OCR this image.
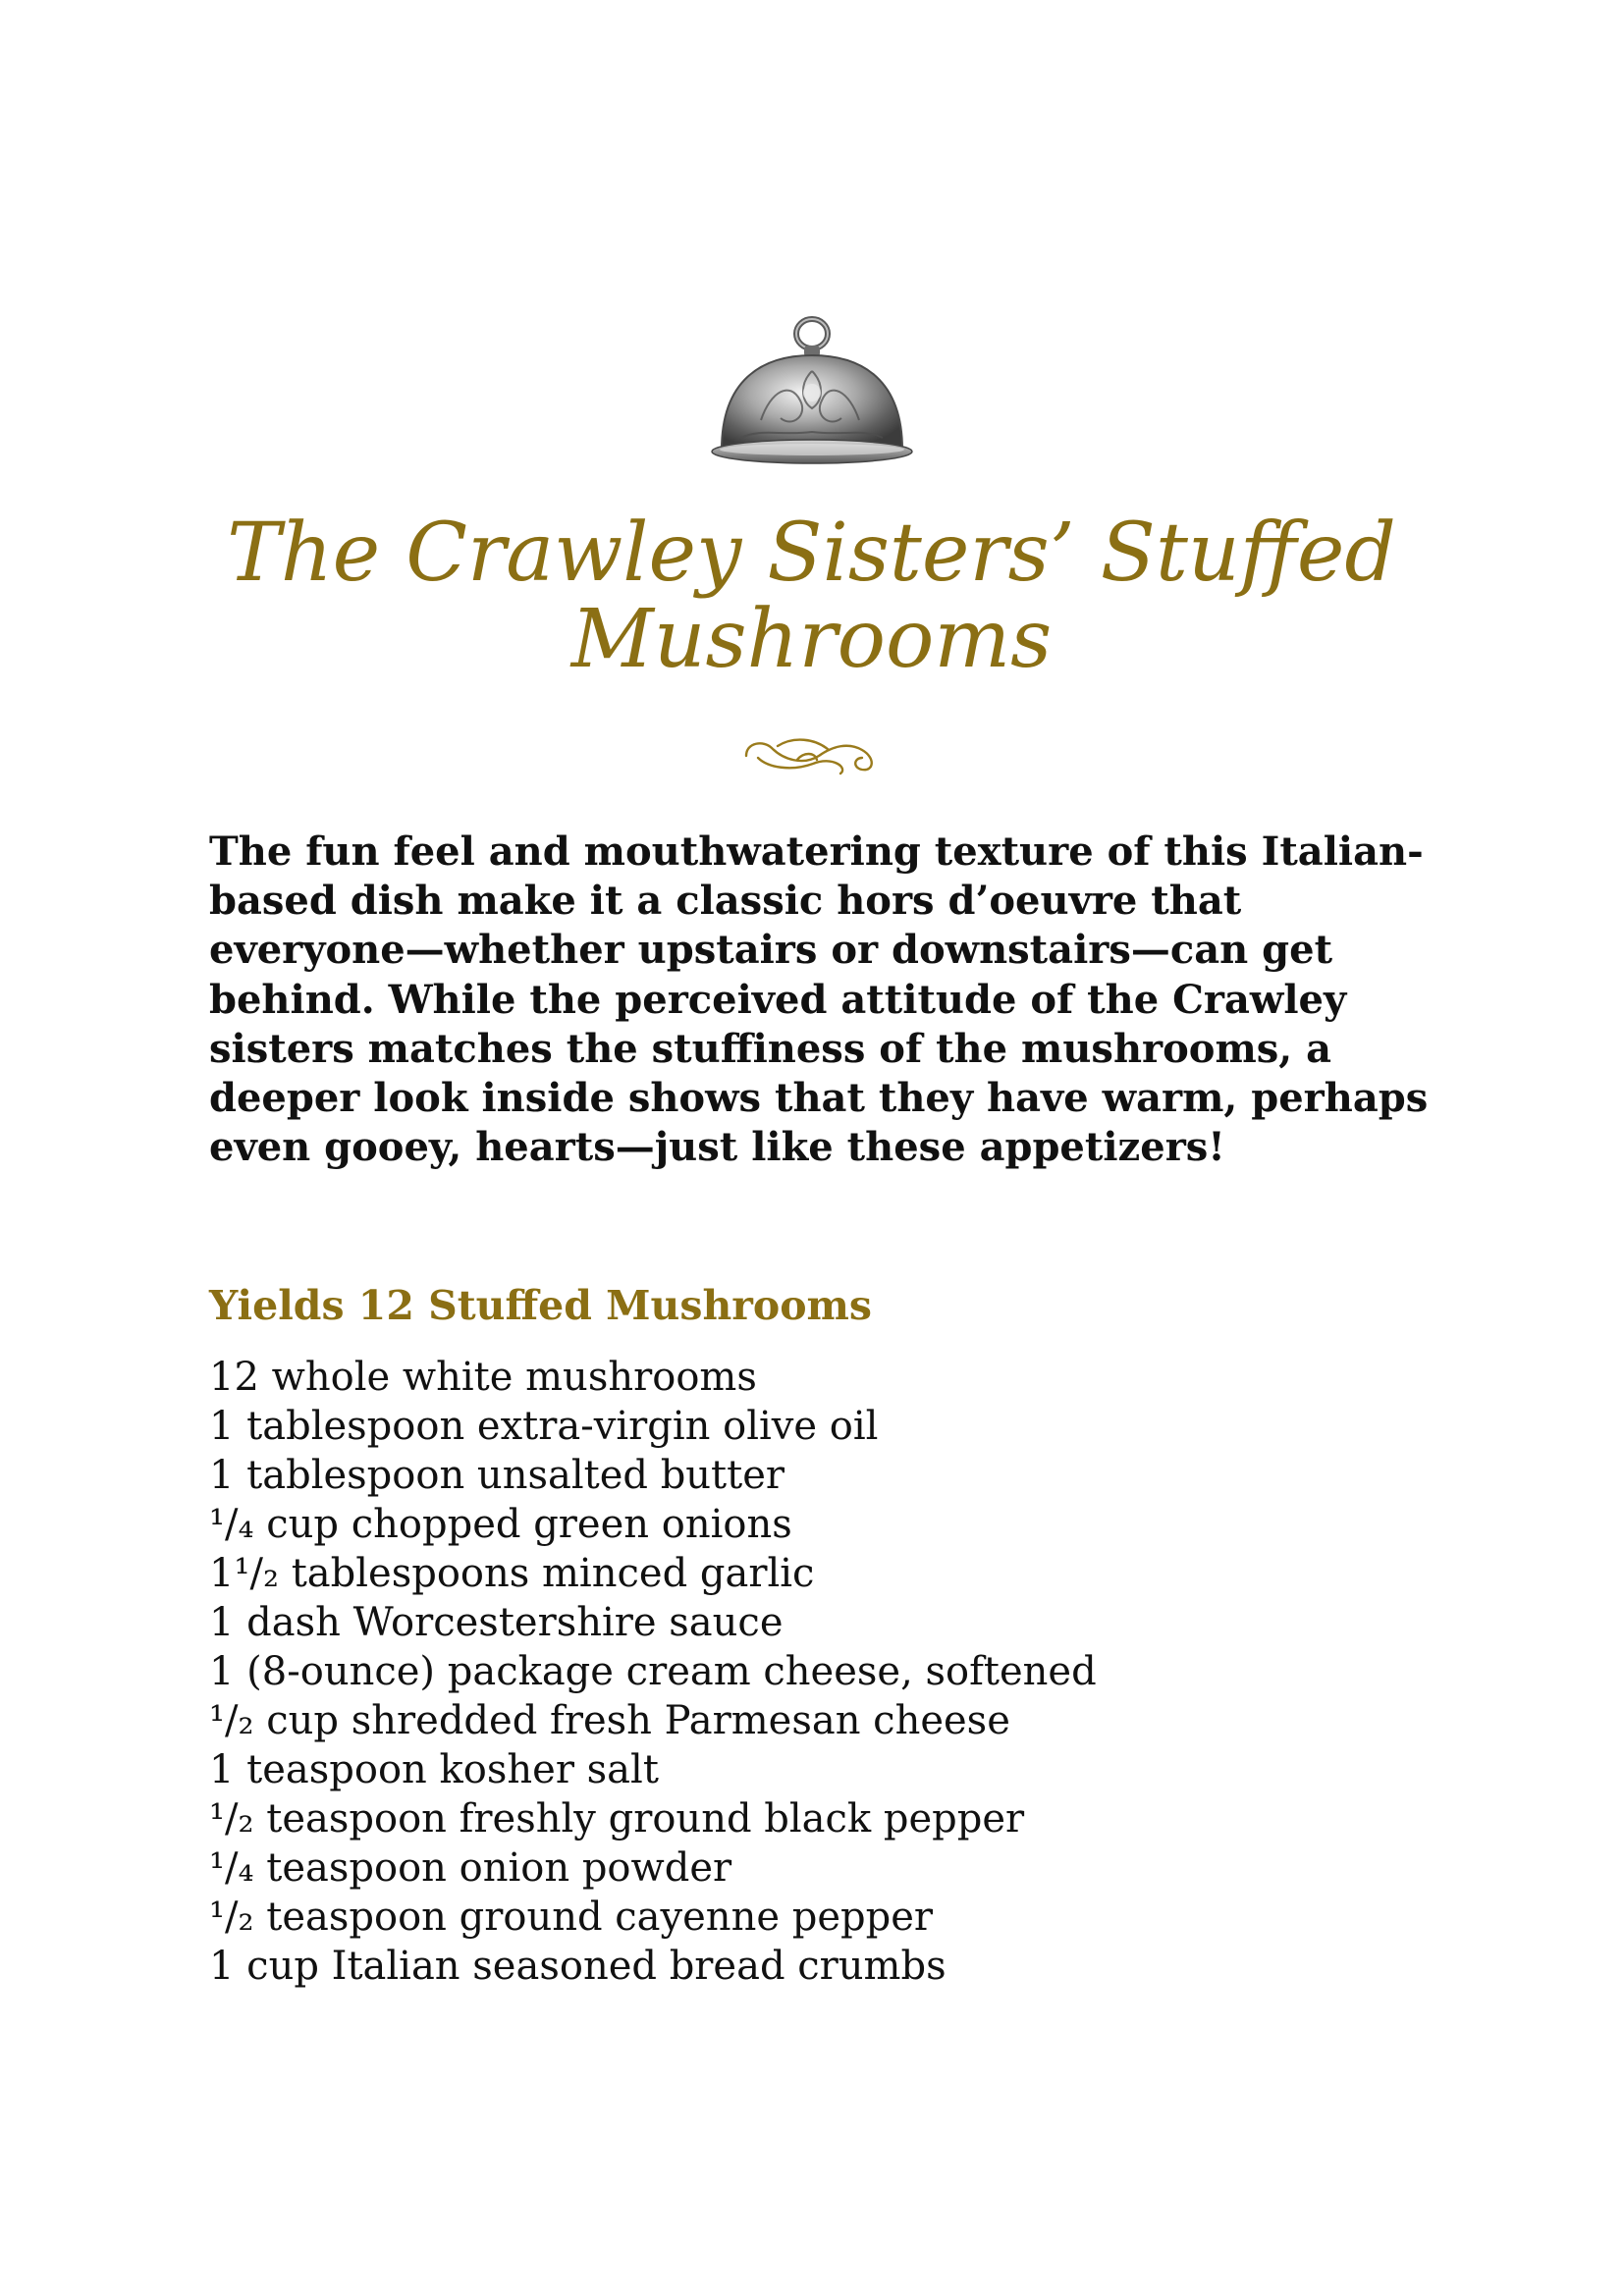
The Crawley Sisters’ Stuffed Mushrooms

The fun feel and mouthwatering texture of this Italian-based dish make it a classic hors d’oeuvre that everyone—whether upstairs or downstairs—can get behind. While the perceived attitude of the Crawley sisters matches the stuffiness of the mushrooms, a deeper look inside shows that they have warm, perhaps even gooey, hearts—just like these appetizers!

Yields 12 Stuffed Mushrooms
12 whole white mushrooms
1 tablespoon extra-virgin olive oil
1 tablespoon unsalted butter
¹/₄ cup chopped green onions
1¹/₂ tablespoons minced garlic
1 dash Worcestershire sauce
1 (8-ounce) package cream cheese, softened
¹/₂ cup shredded fresh Parmesan cheese
1 teaspoon kosher salt
¹/₂ teaspoon freshly ground black pepper
¹/₄ teaspoon onion powder
¹/₂ teaspoon ground cayenne pepper
1 cup Italian seasoned bread crumbs
